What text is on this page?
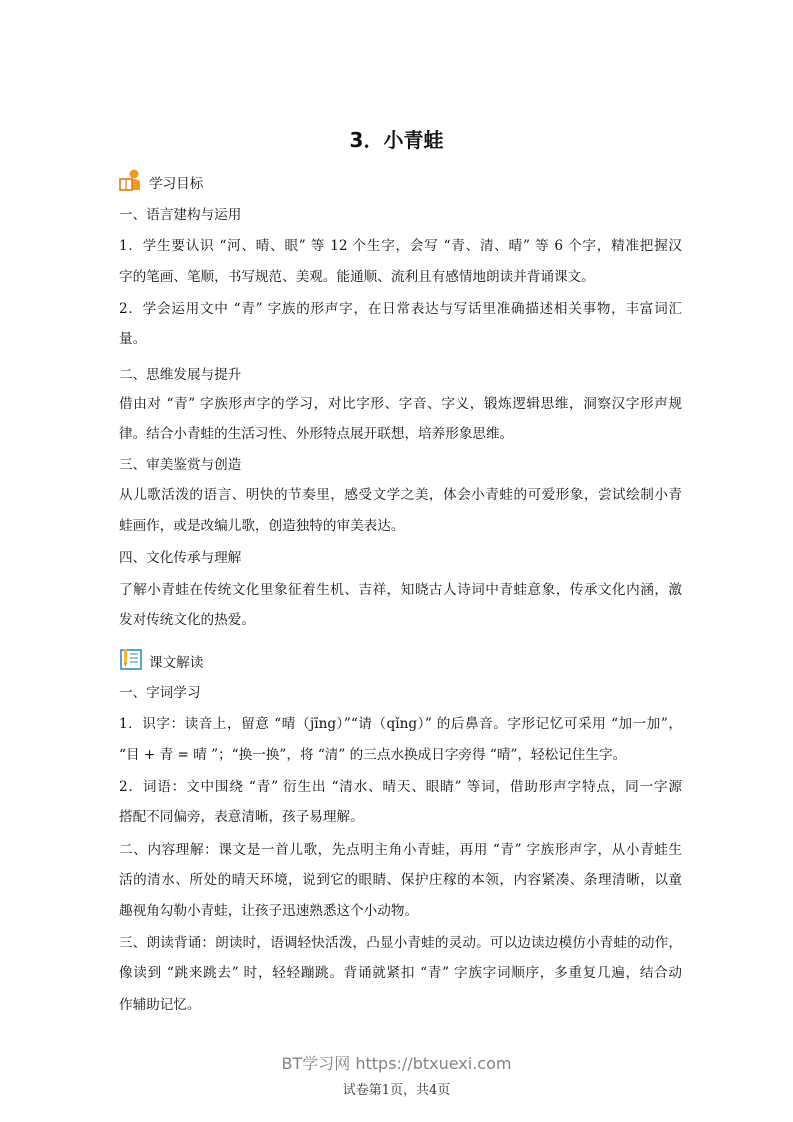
3．小青蛙
学习目标
一、语言建构与运用
1．学生要认识 “河、晴、眼” 等 12 个生字，会写 “青、清、晴” 等 6 个字，精准把握汉
字的笔画、笔顺，书写规范、美观。能通顺、流利且有感情地朗读并背诵课文。
2．学会运用文中 “青” 字族的形声字，在日常表达与写话里准确描述相关事物，丰富词汇
量。
二、思维发展与提升
借由对 “青” 字族形声字的学习，对比字形、字音、字义，锻炼逻辑思维，洞察汉字形声规
律。结合小青蛙的生活习性、外形特点展开联想，培养形象思维。
三、审美鉴赏与创造
从儿歌活泼的语言、明快的节奏里，感受文学之美，体会小青蛙的可爱形象，尝试绘制小青
蛙画作，或是改编儿歌，创造独特的审美表达。
四、文化传承与理解
了解小青蛙在传统文化里象征着生机、吉祥，知晓古人诗词中青蛙意象，传承文化内涵，激
发对传统文化的热爱。
课文解读
一、字词学习
1．识字：读音上，留意 “晴（jīng）”“请（qǐng）” 的后鼻音。字形记忆可采用 “加一加”，
“目 + 青 = 晴 ”；“换一换”，将 “清” 的三点水换成日字旁得 “晴”，轻松记住生字。
2．词语：文中围绕 “青” 衍生出 “清水、晴天、眼睛” 等词，借助形声字特点，同一字源
搭配不同偏旁，表意清晰，孩子易理解。
二、内容理解：课文是一首儿歌，先点明主角小青蛙，再用 “青” 字族形声字，从小青蛙生
活的清水、所处的晴天环境，说到它的眼睛、保护庄稼的本领，内容紧凑、条理清晰，以童
趣视角勾勒小青蛙，让孩子迅速熟悉这个小动物。
三、朗读背诵：朗读时，语调轻快活泼，凸显小青蛙的灵动。可以边读边模仿小青蛙的动作，
像读到 “跳来跳去” 时，轻轻蹦跳。背诵就紧扣 “青” 字族字词顺序，多重复几遍，结合动
作辅助记忆。
BT学习网 https://btxuexi.com
试卷第1页，共4页
